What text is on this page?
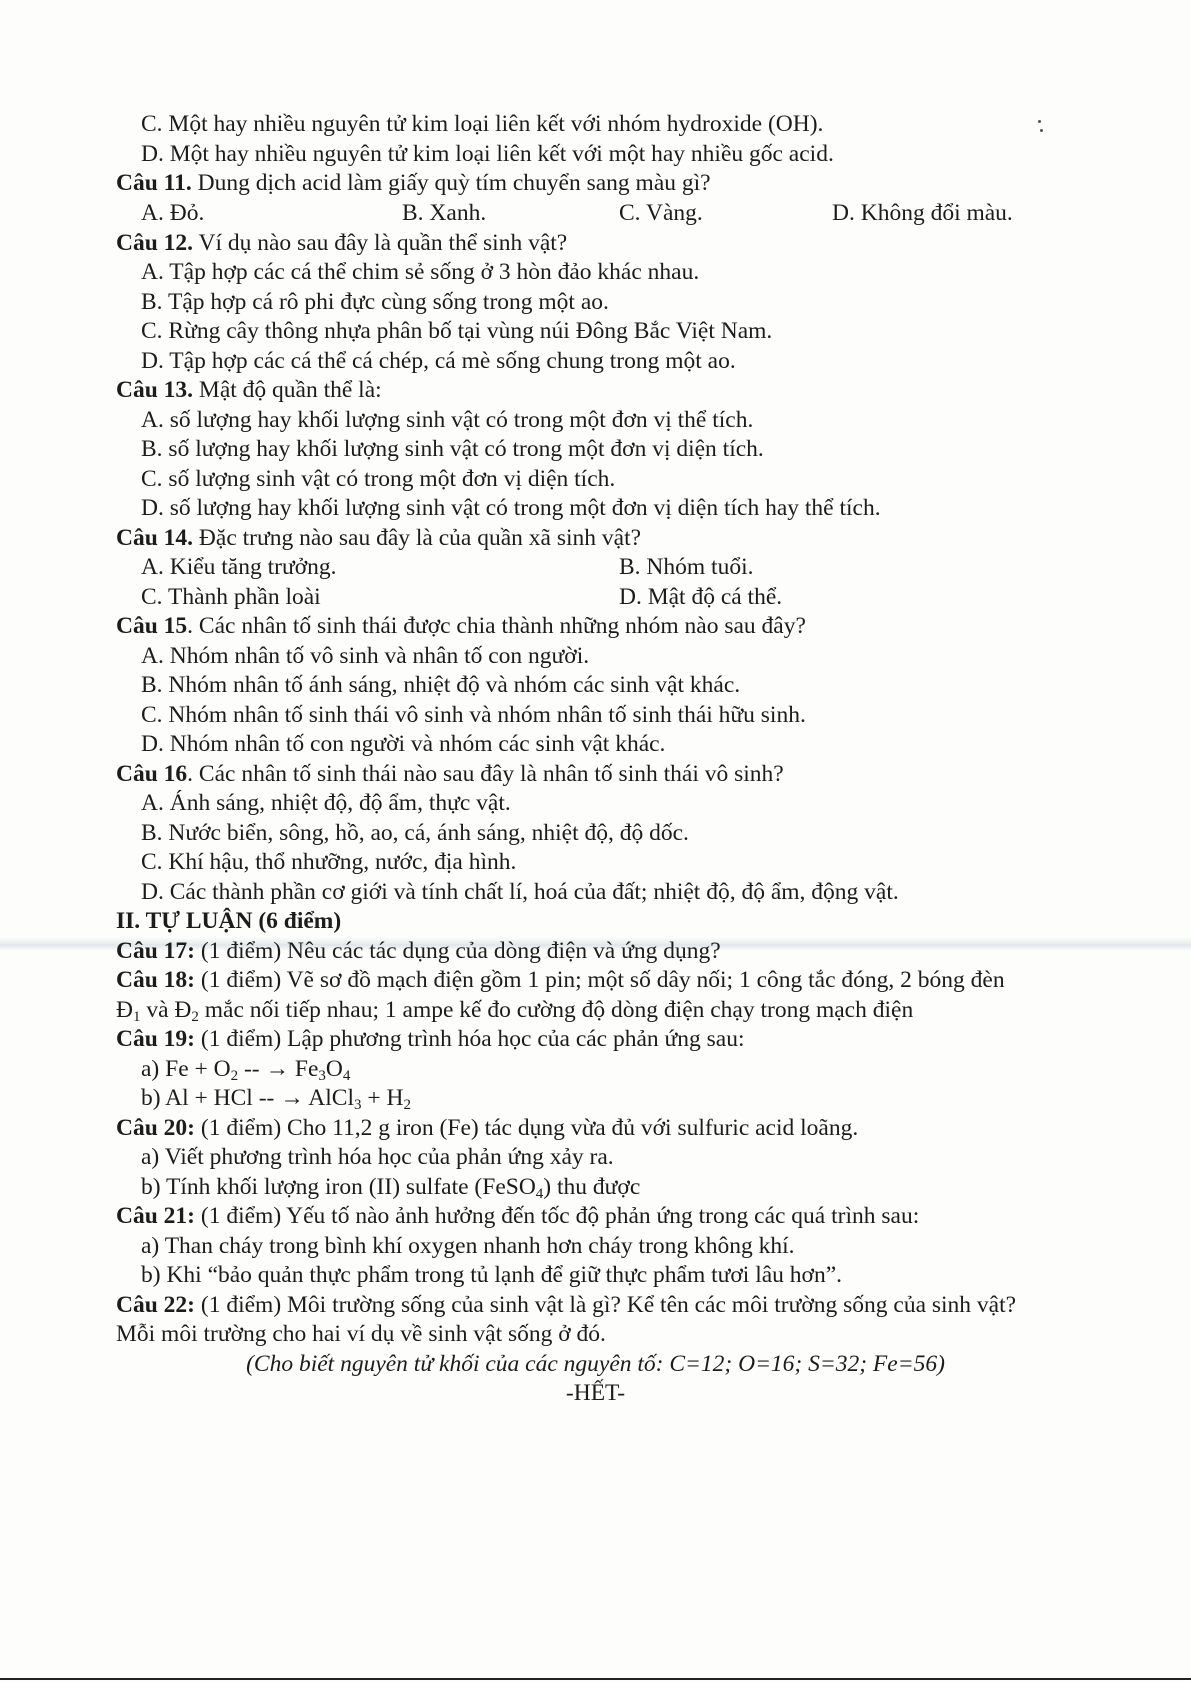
C. Một hay nhiều nguyên tử kim loại liên kết với nhóm hydroxide (OH).
D. Một hay nhiều nguyên tử kim loại liên kết với một hay nhiều gốc acid.
Câu 11. Dung dịch acid làm giấy quỳ tím chuyển sang màu gì?
A. Đỏ.	B. Xanh.	C. Vàng.	D. Không đổi màu.
Câu 12. Ví dụ nào sau đây là quần thể sinh vật?
A. Tập hợp các cá thể chim sẻ sống ở 3 hòn đảo khác nhau.
B. Tập hợp cá rô phi đực cùng sống trong một ao.
C. Rừng cây thông nhựa phân bố tại vùng núi Đông Bắc Việt Nam.
D. Tập hợp các cá thể cá chép, cá mè sống chung trong một ao.
Câu 13. Mật độ quần thể là:
A. số lượng hay khối lượng sinh vật có trong một đơn vị thể tích.
B. số lượng hay khối lượng sinh vật có trong một đơn vị diện tích.
C. số lượng sinh vật có trong một đơn vị diện tích.
D. số lượng hay khối lượng sinh vật có trong một đơn vị diện tích hay thể tích.
Câu 14. Đặc trưng nào sau đây là của quần xã sinh vật?
A. Kiểu tăng trưởng.	B. Nhóm tuổi.
C. Thành phần loài	D. Mật độ cá thể.
Câu 15. Các nhân tố sinh thái được chia thành những nhóm nào sau đây?
A. Nhóm nhân tố vô sinh và nhân tố con người.
B. Nhóm nhân tố ánh sáng, nhiệt độ và nhóm các sinh vật khác.
C. Nhóm nhân tố sinh thái vô sinh và nhóm nhân tố sinh thái hữu sinh.
D. Nhóm nhân tố con người và nhóm các sinh vật khác.
Câu 16. Các nhân tố sinh thái nào sau đây là nhân tố sinh thái vô sinh?
A. Ánh sáng, nhiệt độ, độ ẩm, thực vật.
B. Nước biển, sông, hồ, ao, cá, ánh sáng, nhiệt độ, độ dốc.
C. Khí hậu, thổ nhưỡng, nước, địa hình.
D. Các thành phần cơ giới và tính chất lí, hoá của đất; nhiệt độ, độ ẩm, động vật.
II. TỰ LUẬN (6 điểm)
Câu 17: (1 điểm) Nêu các tác dụng của dòng điện và ứng dụng?
Câu 18: (1 điểm) Vẽ sơ đồ mạch điện gồm 1 pin; một số dây nối; 1 công tắc đóng, 2 bóng đèn
$Đ_1$ và $Đ_2$ mắc nối tiếp nhau; 1 ampe kế đo cường độ dòng điện chạy trong mạch điện
Câu 19: (1 điểm) Lập phương trình hóa học của các phản ứng sau:
a) $Fe + O_2$ -- → $Fe_3O_4$
b) Al + HCl -- → AlCl$_3$ + $H_2$
Câu 20: (1 điểm) Cho 11,2 g iron (Fe) tác dụng vừa đủ với sulfuric acid loãng.
a) Viết phương trình hóa học của phản ứng xảy ra.
b) Tính khối lượng iron (II) sulfate (FeSO$_4$) thu được
Câu 21: (1 điểm) Yếu tố nào ảnh hưởng đến tốc độ phản ứng trong các quá trình sau:
a) Than cháy trong bình khí oxygen nhanh hơn cháy trong không khí.
b) Khi “bảo quản thực phẩm trong tủ lạnh để giữ thực phẩm tươi lâu hơn”.
Câu 22: (1 điểm) Môi trường sống của sinh vật là gì? Kể tên các môi trường sống của sinh vật?
Mỗi môi trường cho hai ví dụ về sinh vật sống ở đó.
(Cho biết nguyên tử khối của các nguyên tố: C=12; O=16; S=32; Fe=56)
-HẾT-
